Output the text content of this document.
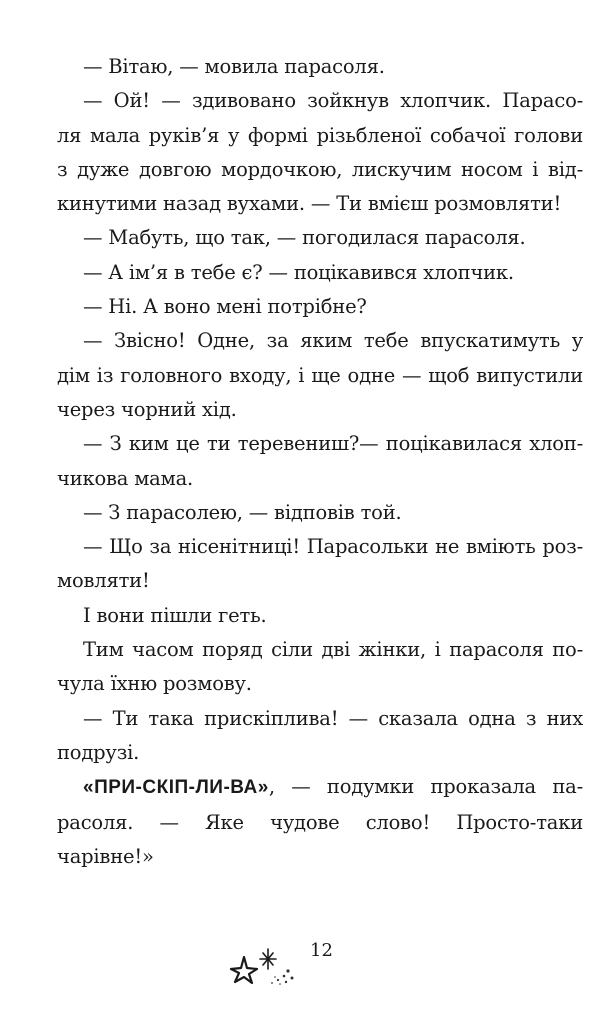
— Вітаю, — мовила парасоля.

— Ой! — здивовано зойкнув хлопчик. Парасо-
ля мала руків’я у формі різьбленої собачої голови
з дуже довгою мордочкою, лискучим носом і від-
кинутими назад вухами. — Ти вмієш розмовляти!

— Мабуть, що так, — погодилася парасоля.

— А ім’я в тебе є? — поцікавився хлопчик.

— Ні. А воно мені потрібне?

— Звісно! Одне, за яким тебе впускатимуть у
дім із головного входу, і ще одне — щоб випустили
через чорний хід.

— З ким це ти теревениш?— поцікавилася хлоп-
чикова мама.

— З парасолею, — відповів той.

— Що за нісенітниці! Парасольки не вміють роз-
мовляти!

І вони пішли геть.

Тим часом поряд сіли дві жінки, і парасоля по-
чула їхню розмову.

— Ти така прискіплива! — сказала одна з них
подрузі.

«ПРИ-СКІП-ЛИ-ВА», — подумки проказала па-
расоля. — Яке чудове слово! Просто-таки чарівне!»

12
